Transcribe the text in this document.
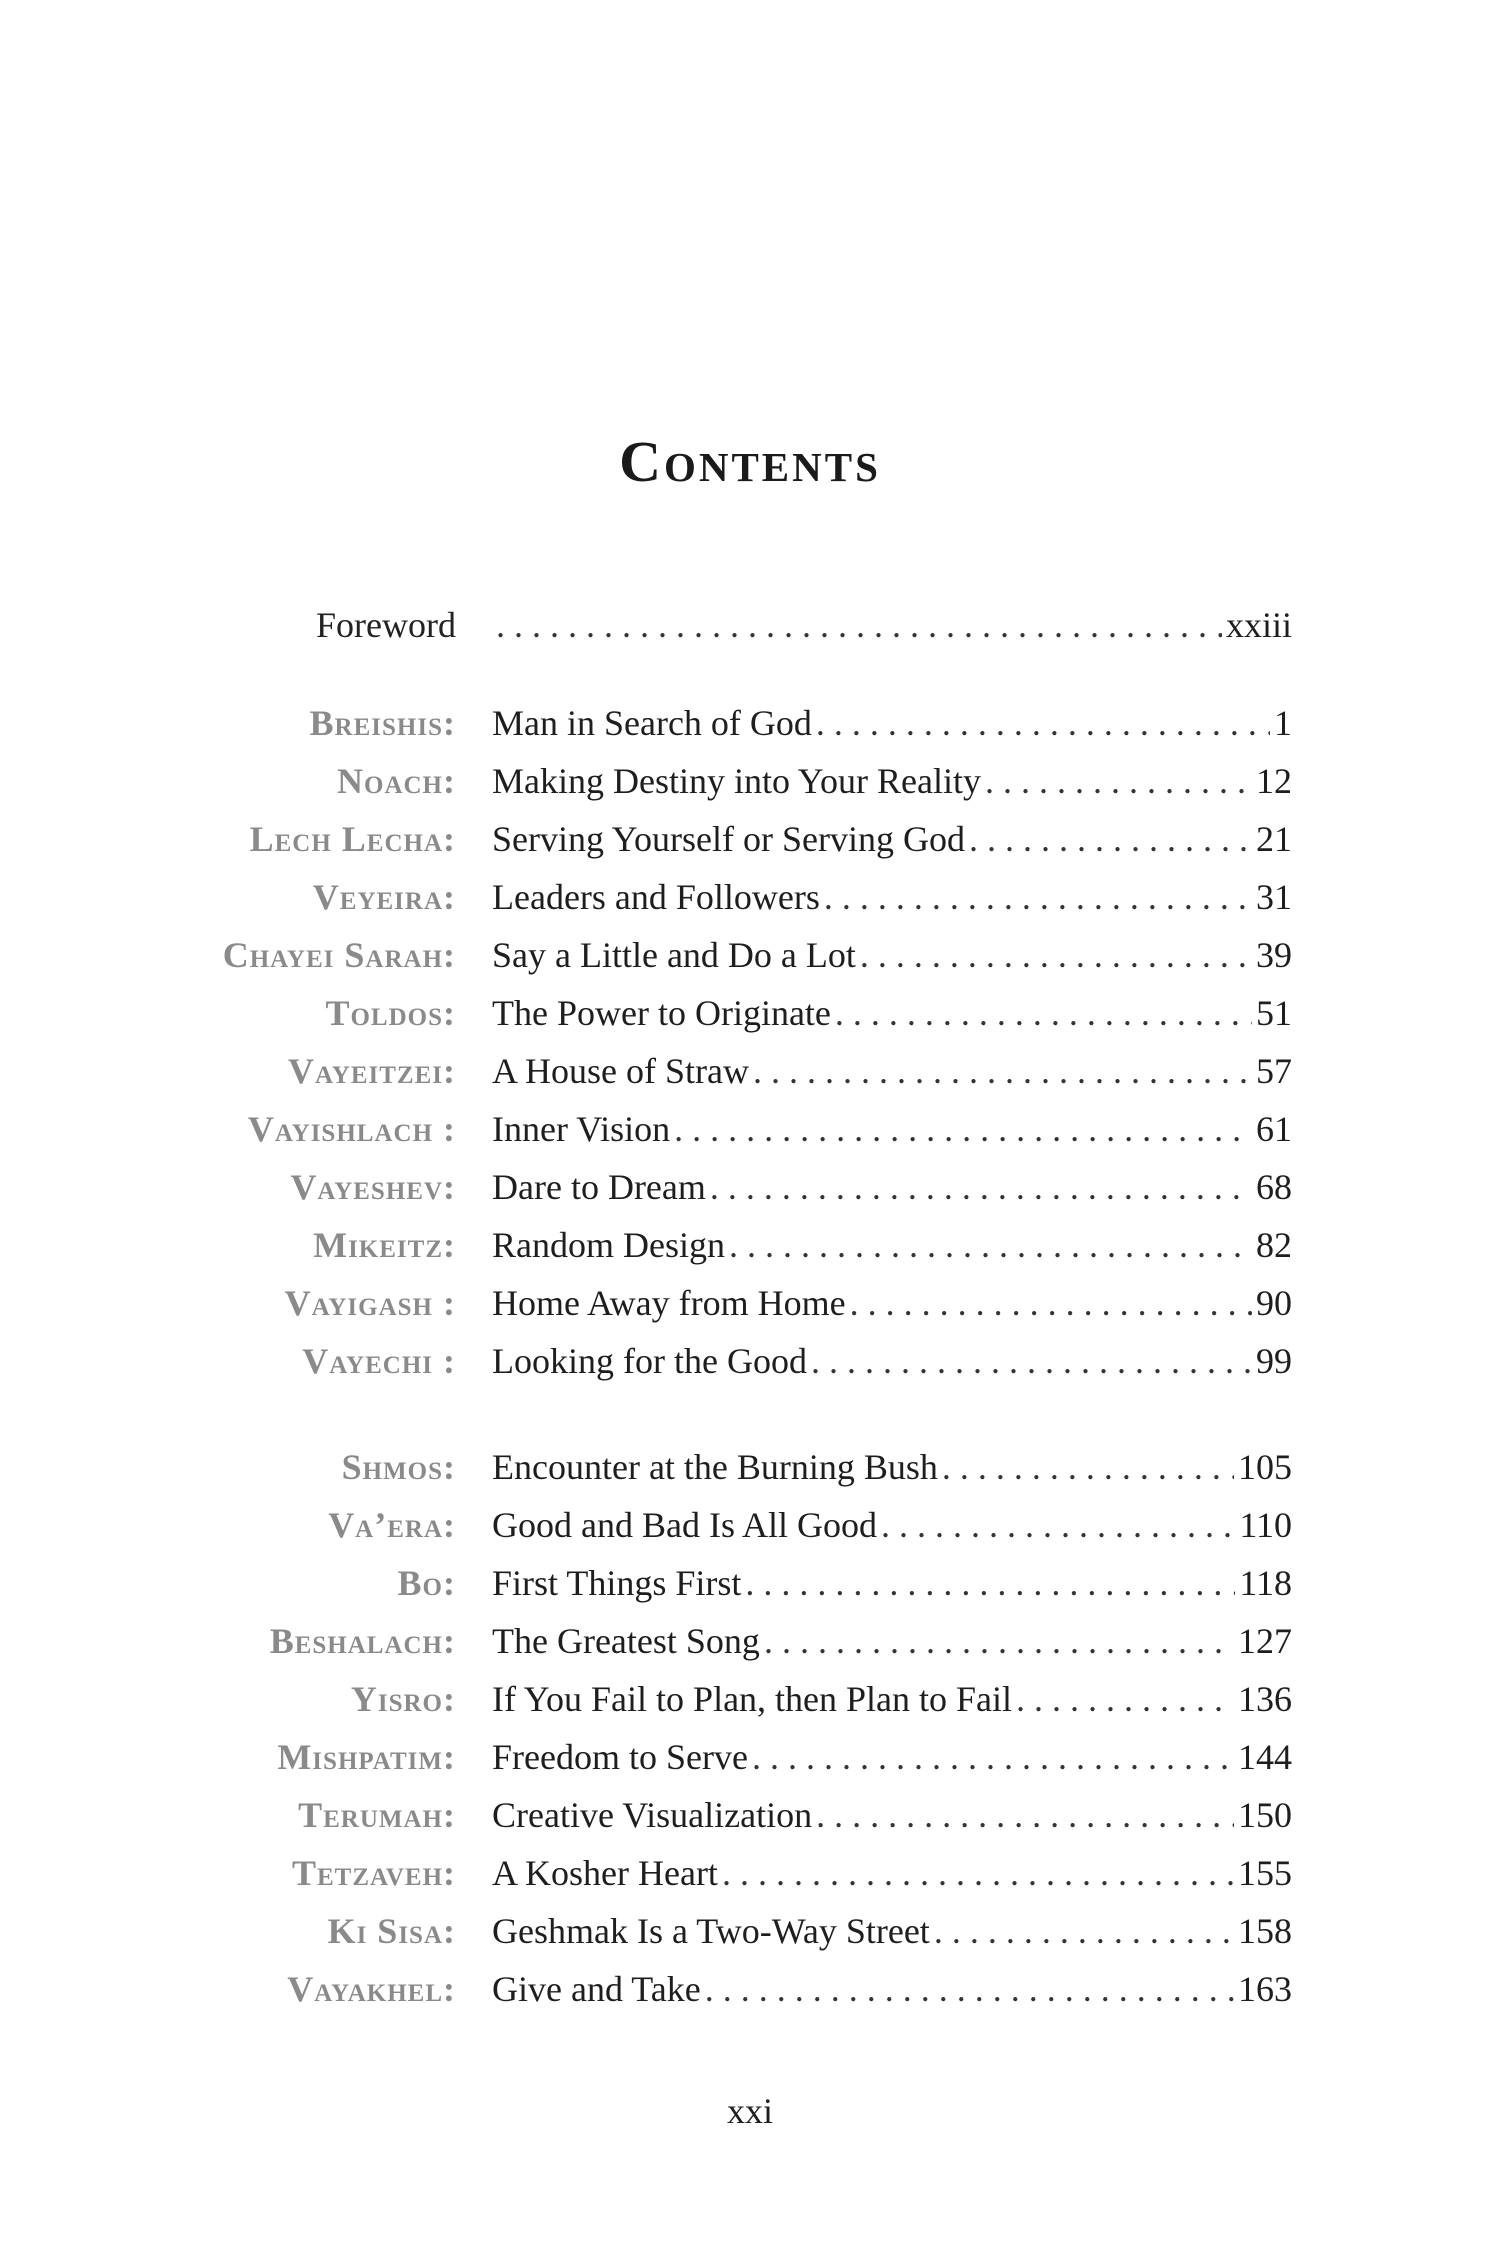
Contents
Foreword . . .	xxiii
Breishis: Man in Search of God . . .	1
Noach: Making Destiny into Your Reality . . .	12
Lech Lecha: Serving Yourself or Serving God . . .	21
Veyeira: Leaders and Followers . . .	31
Chayei Sarah: Say a Little and Do a Lot . . .	39
Toldos: The Power to Originate . . .	51
Vayeitzei: A House of Straw . . .	57
Vayishlach : Inner Vision . . .	61
Vayeshev: Dare to Dream . . .	68
Mikeitz: Random Design . . .	82
Vayigash : Home Away from Home . . .	90
Vayechi : Looking for the Good . . .	99
Shmos: Encounter at the Burning Bush . . .	105
Va’era: Good and Bad Is All Good . . .	110
Bo: First Things First . . .	118
Beshalach: The Greatest Song . . .	127
Yisro: If You Fail to Plan, then Plan to Fail . . .	136
Mishpatim: Freedom to Serve . . .	144
Terumah: Creative Visualization . . .	150
Tetzaveh: A Kosher Heart . . .	155
Ki Sisa: Geshmak Is a Two-Way Street . . .	158
Vayakhel: Give and Take . . .	163

xxi
